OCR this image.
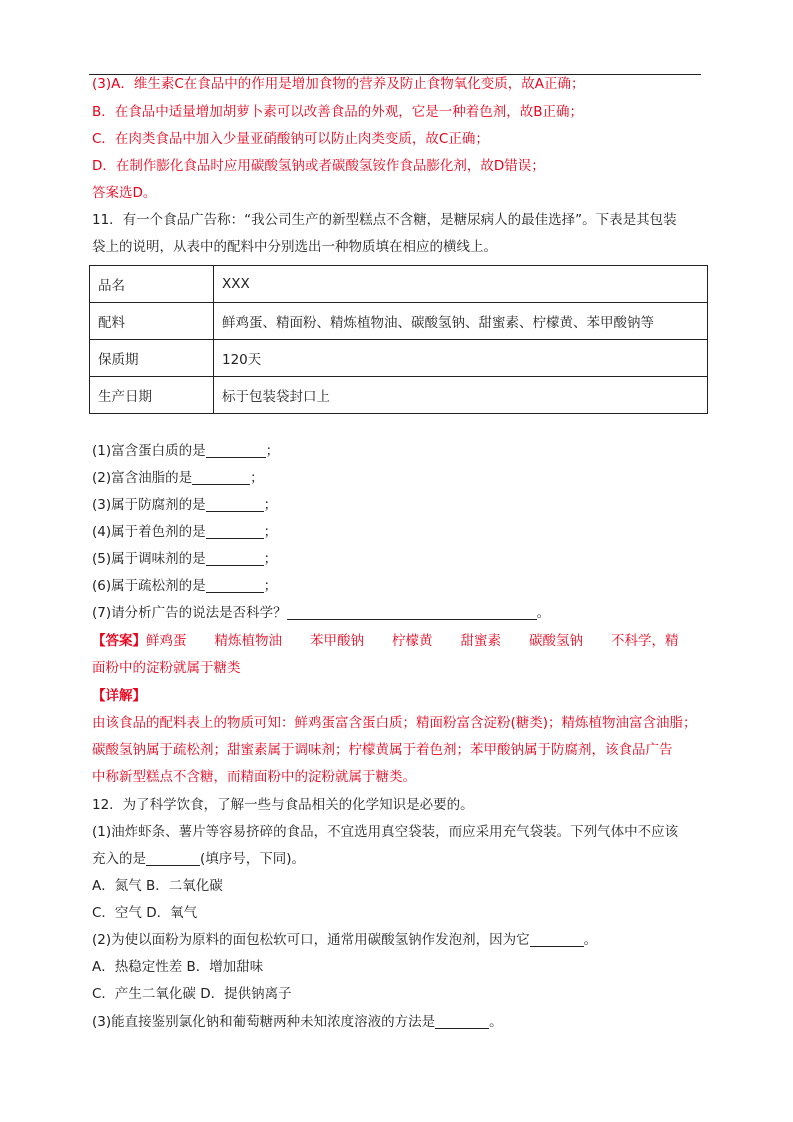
(3)A．维生素C在食品中的作用是增加食物的营养及防止食物氧化变质，故A正确；
B．在食品中适量增加胡萝卜素可以改善食品的外观，它是一种着色剂，故B正确；
C．在肉类食品中加入少量亚硝酸钠可以防止肉类变质，故C正确；
D．在制作膨化食品时应用碳酸氢钠或者碳酸氢铵作食品膨化剂，故D错误；
答案选D。
11．有一个食品广告称：“我公司生产的新型糕点不含糖，是糖尿病人的最佳选择”。下表是其包装
袋上的说明，从表中的配料中分别选出一种物质填在相应的横线上。
品名	XXX
配料	鲜鸡蛋、精面粉、精炼植物油、碳酸氢钠、甜蜜素、柠檬黄、苯甲酸钠等
保质期	120天
生产日期	标于包装袋封口上
(1)富含蛋白质的是	；
(2)富含油脂的是	；
(3)属于防腐剂的是	；
(4)属于着色剂的是	；
(5)属于调味剂的是	；
(6)属于疏松剂的是	；
(7)请分析广告的说法是否科学？	。
【答案】鲜鸡蛋 精炼植物油 苯甲酸钠 柠檬黄 甜蜜素 碳酸氢钠 不科学，精
面粉中的淀粉就属于糖类
【详解】
由该食品的配料表上的物质可知：鲜鸡蛋富含蛋白质；精面粉富含淀粉(糖类)；精炼植物油富含油脂；
碳酸氢钠属于疏松剂；甜蜜素属于调味剂；柠檬黄属于着色剂；苯甲酸钠属于防腐剂，该食品广告
中称新型糕点不含糖，而精面粉中的淀粉就属于糖类。
12．为了科学饮食，了解一些与食品相关的化学知识是必要的。
(1)油炸虾条、薯片等容易挤碎的食品，不宜选用真空袋装，而应采用充气袋装。下列气体中不应该
充入的是	(填序号，下同)。
A．氮气 B．二氧化碳
C．空气 D．氧气
(2)为使以面粉为原料的面包松软可口，通常用碳酸氢钠作发泡剂，因为它	。
A．热稳定性差 B．增加甜味
C．产生二氧化碳 D．提供钠离子
(3)能直接鉴别氯化钠和葡萄糖两种未知浓度溶液的方法是	。
